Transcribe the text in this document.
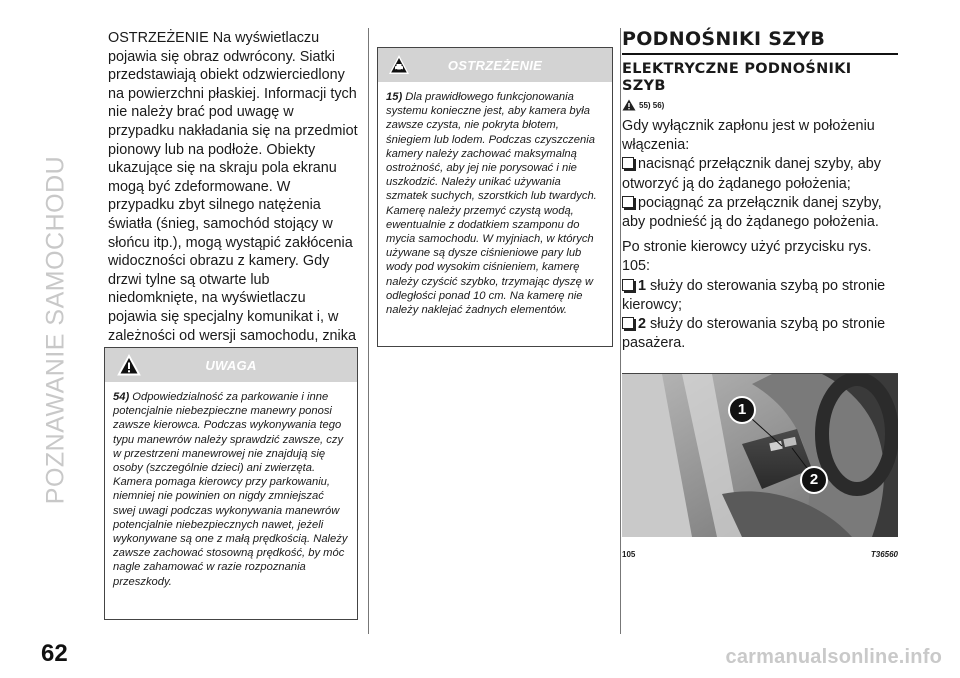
POZNAWANIE SAMOCHODU
62

OSTRZEŻENIE Na wyświetlaczu pojawia się obraz odwrócony. Siatki przedstawiają obiekt odzwierciedlony na powierzchni płaskiej. Informacji tych nie należy brać pod uwagę w przypadku nakładania się na przedmiot pionowy lub na podłoże. Obiekty ukazujące się na skraju pola ekranu mogą być zdeformowane. W przypadku zbyt silnego natężenia światła (śnieg, samochód stojący w słońcu itp.), mogą wystąpić zakłócenia widoczności obrazu z kamery. Gdy drzwi tylne są otwarte lub niedomknięte, na wyświetlaczu pojawia się specjalny komunikat i, w zależności od wersji samochodu, znika

UWAGA
54) Odpowiedzialność za parkowanie i inne potencjalnie niebezpieczne manewry ponosi zawsze kierowca. Podczas wykonywania tego typu manewrów należy sprawdzić zawsze, czy w przestrzeni manewrowej nie znajdują się osoby (szczególnie dzieci) ani zwierzęta. Kamera pomaga kierowcy przy parkowaniu, niemniej nie powinien on nigdy zmniejszać swej uwagi podczas wykonywania manewrów potencjalnie niebezpiecznych nawet, jeżeli wykonywane są one z małą prędkością. Należy zawsze zachować stosowną prędkość, by móc nagle zahamować w razie rozpoznania przeszkody.
OSTRZEŻENIE
15) Dla prawidłowego funkcjonowania systemu konieczne jest, aby kamera była zawsze czysta, nie pokryta błotem, śniegiem lub lodem. Podczas czyszczenia kamery należy zachować maksymalną ostrożność, aby jej nie porysować i nie uszkodzić. Należy unikać używania szmatek suchych, szorstkich lub twardych. Kamerę należy przemyć czystą wodą, ewentualnie z dodatkiem szamponu do mycia samochodu. W myjniach, w których używane są dysze ciśnieniowe pary lub wody pod wysokim ciśnieniem, kamerę należy czyścić szybko, trzymając dyszę w odległości ponad 10 cm. Na kamerę nie należy naklejać żadnych elementów.
PODNOŚNIKI SZYB
ELEKTRYCZNE PODNOŚNIKI SZYB
55) 56)

Gdy wyłącznik zapłonu jest w położeniu włączenia:

nacisnąć przełącznik danej szyby, aby otworzyć ją do żądanego położenia;

pociągnąć za przełącznik danej szyby, aby podnieść ją do żądanego położenia.

Po stronie kierowcy użyć przycisku rys. 105:

1 służy do sterowania szybą po stronie kierowcy;

2 służy do sterowania szybą po stronie pasażera.

1
2
105	T36560
carmanualsonline.info
